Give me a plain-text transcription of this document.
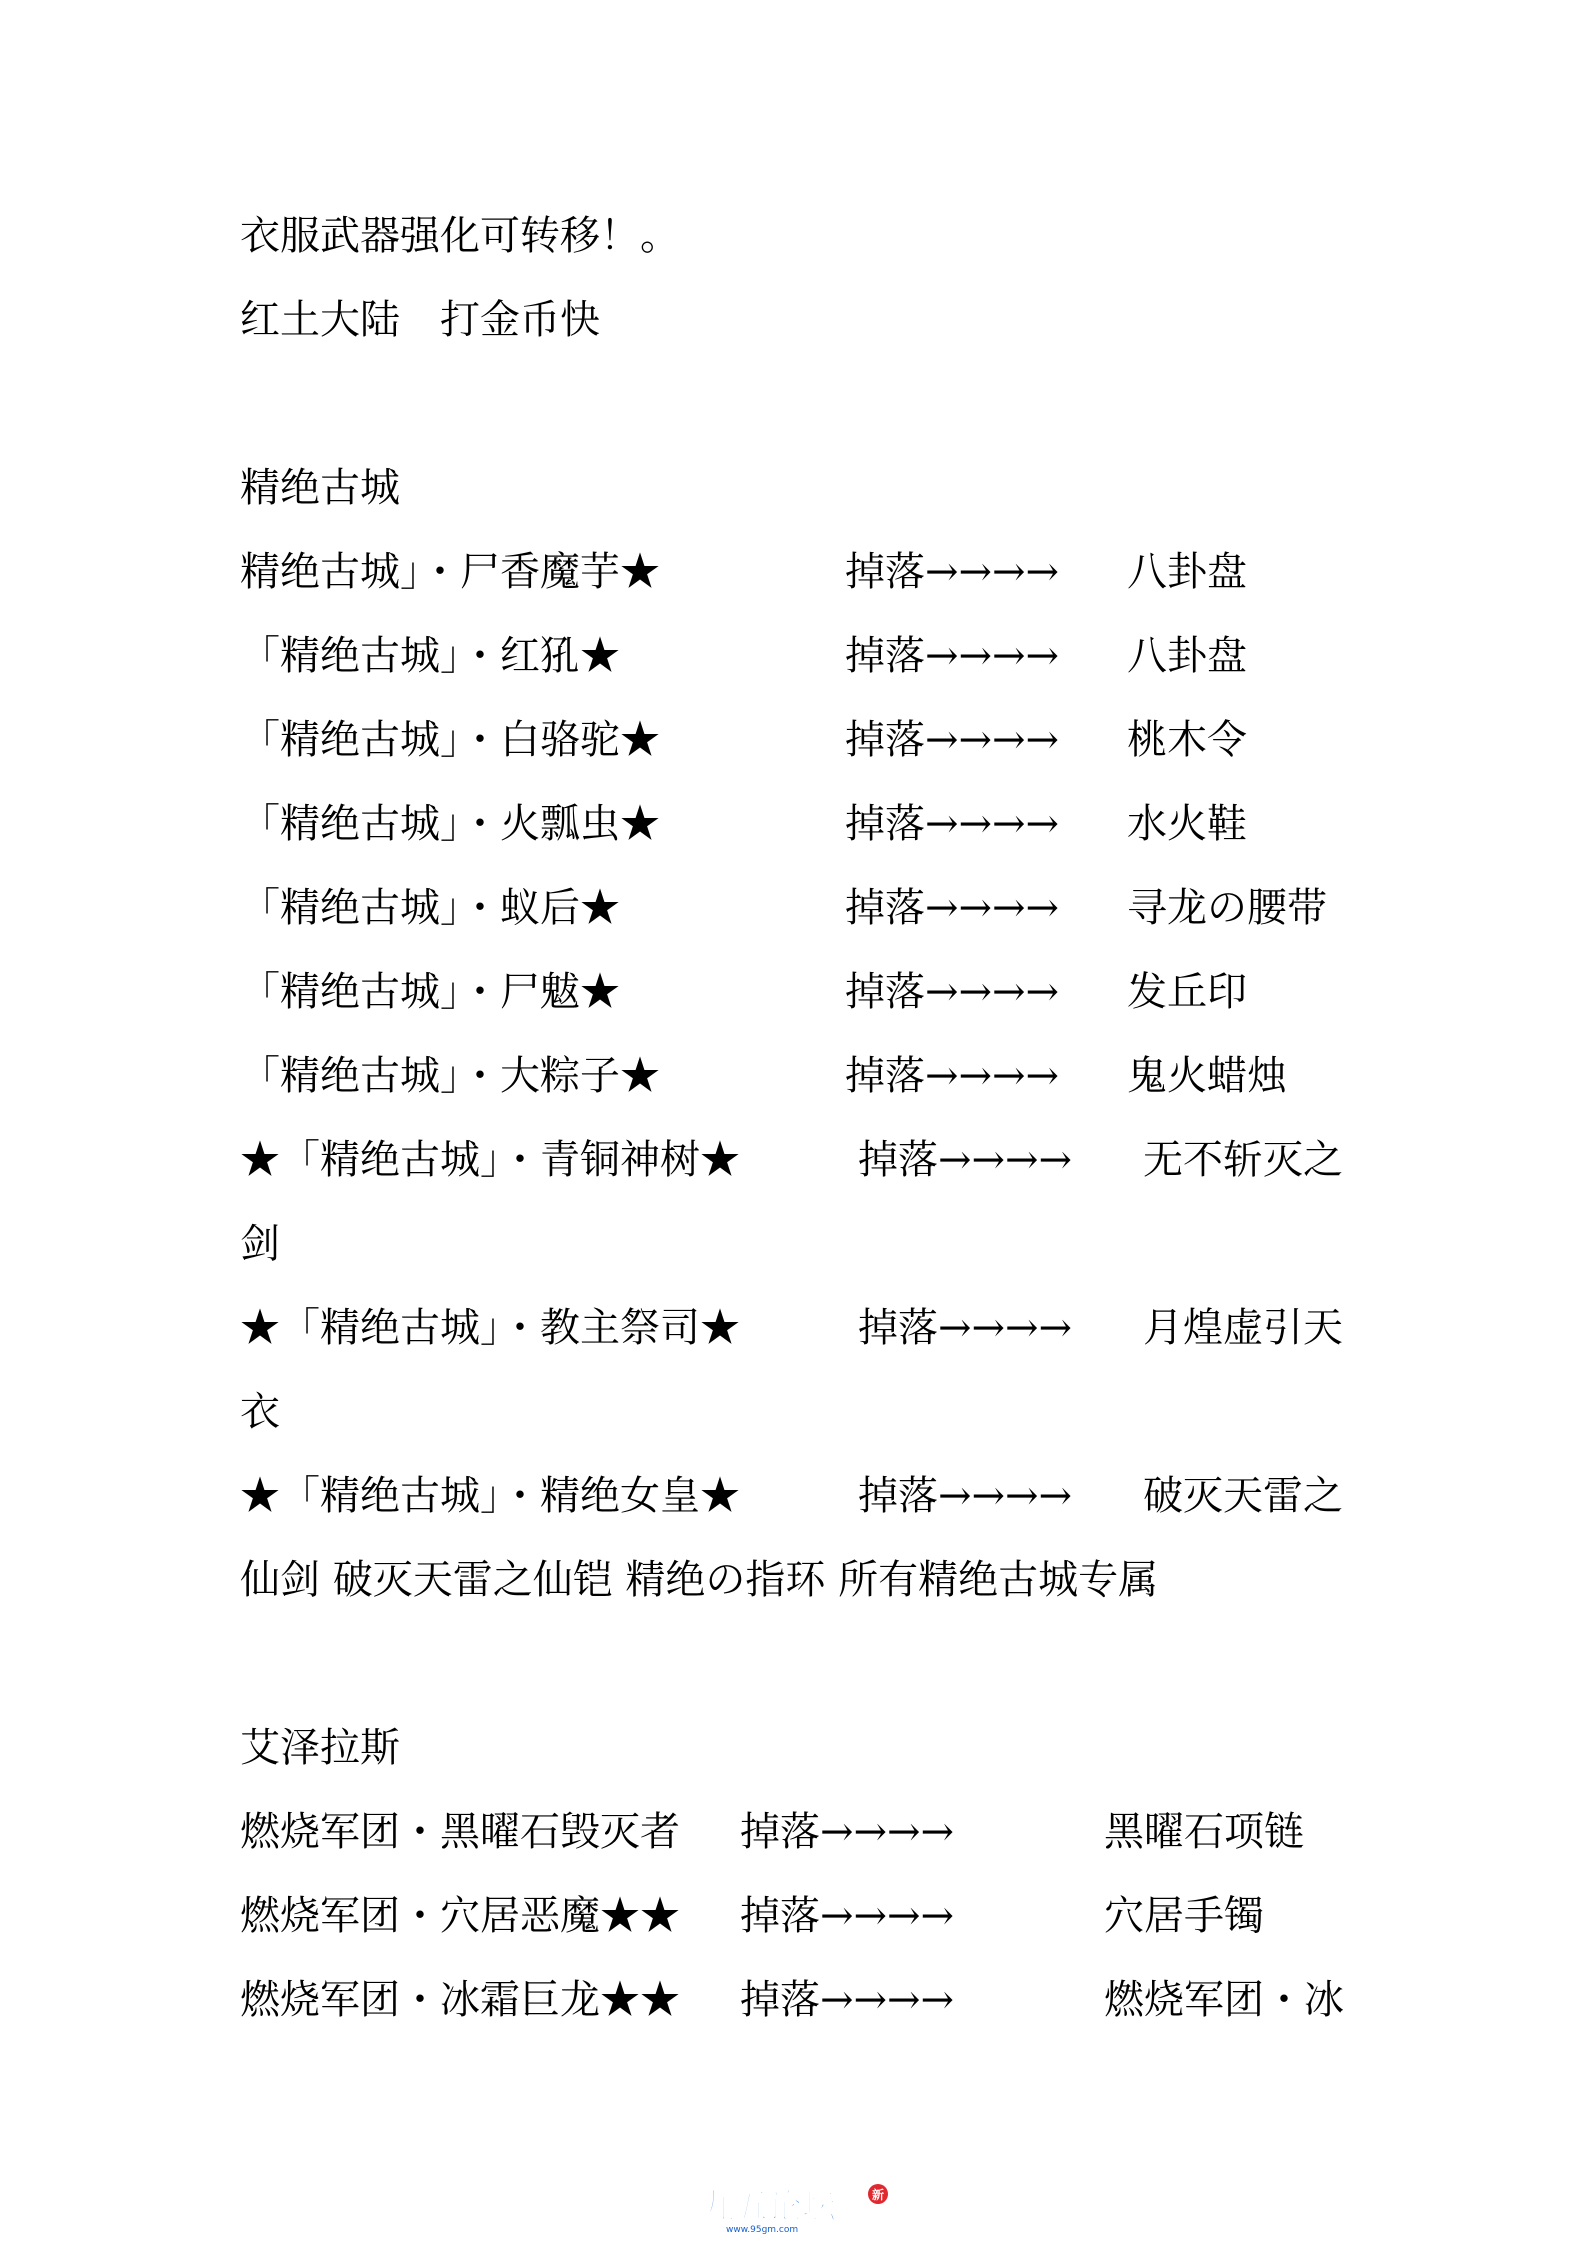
衣服武器强化可转移！。
红土大陆　打金币快
精绝古城
精绝古城」・尸香魔芋★	掉落→→→→ 八卦盘
「精绝古城」・红犼★	掉落→→→→ 八卦盘
「精绝古城」・白骆驼★	掉落→→→→ 桃木令
「精绝古城」・火瓢虫★	掉落→→→→ 水火鞋
「精绝古城」・蚁后★	掉落→→→→ 寻龙の腰带
「精绝古城」・尸魃★	掉落→→→→ 发丘印
「精绝古城」・大粽子★	掉落→→→→ 鬼火蜡烛
★「精绝古城」・青铜神树★	掉落→→→→ 无不斩灭之
剑
★「精绝古城」・教主祭司★	掉落→→→→ 月煌虚引天
衣
★「精绝古城」・精绝女皇★	掉落→→→→ 破灭天雷之
仙剑 破灭天雷之仙铠 精绝の指环 所有精绝古城专属
艾泽拉斯
燃烧军团・黑曜石毁灭者 掉落→→→→	黑曜石项链
燃烧军团・穴居恶魔★★ 掉落→→→→	穴居手镯
燃烧军团・冰霜巨龙★★ 掉落→→→→	燃烧军团・冰
九五论坛
www.95gm.com
新
